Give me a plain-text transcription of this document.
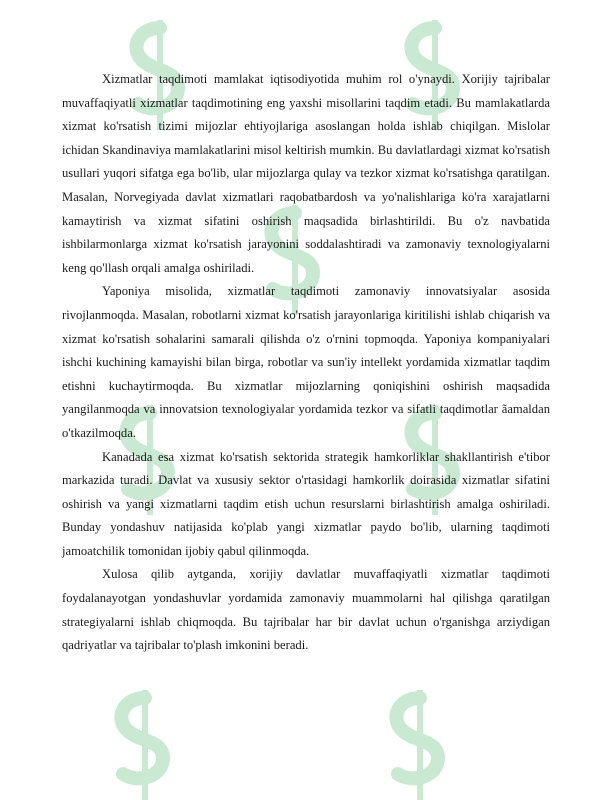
Xizmatlar taqdimoti mamlakat iqtisodiyotida muhim rol o'ynaydi. Xorijiy tajribalar muvaffaqiyatli xizmatlar taqdimotining eng yaxshi misollarini taqdim etadi. Bu mamlakatlarda xizmat ko'rsatish tizimi mijozlar ehtiyojlariga asoslangan holda ishlab chiqilgan. Mislolar ichidan Skandinaviya mamlakatlarini misol keltirish mumkin. Bu davlatlardagi xizmat ko'rsatish usullari yuqori sifatga ega bo'lib, ular mijozlarga qulay va tezkor xizmat ko'rsatishga qaratilgan. Masalan, Norvegiyada davlat xizmatlari raqobatbardosh va yo'nalishlariga ko'ra xarajatlarni kamaytirish va xizmat sifatini oshirish maqsadida birlashtirildi. Bu o'z navbatida ishbilarmonlarga xizmat ko'rsatish jarayonini soddalashtiradi va zamonaviy texnologiyalarni keng qo'llash orqali amalga oshiriladi.

Yaponiya misolida, xizmatlar taqdimoti zamonaviy innovatsiyalar asosida rivojlanmoqda. Masalan, robotlarni xizmat ko'rsatish jarayonlariga kiritilishi ishlab chiqarish va xizmat ko'rsatish sohalarini samarali qilishda o'z o'rnini topmoqda. Yaponiya kompaniyalari ishchi kuchining kamayishi bilan birga, robotlar va sun'iy intellekt yordamida xizmatlar taqdim etishni kuchaytirmoqda. Bu xizmatlar mijozlarning qoniqishini oshirish maqsadida yangilanmoqda va innovatsion texnologiyalar yordamida tezkor va sifatli taqdimotlar ãamaldan o'tkazilmoqda.

Kanadada esa xizmat ko'rsatish sektorida strategik hamkorliklar shakllantirish e'tibor markazida turadi. Davlat va xususiy sektor o'rtasidagi hamkorlik doirasida xizmatlar sifatini oshirish va yangi xizmatlarni taqdim etish uchun resurslarni birlashtirish amalga oshiriladi. Bunday yondashuv natijasida ko'plab yangi xizmatlar paydo bo'lib, ularning taqdimoti jamoatchilik tomonidan ijobiy qabul qilinmoqda.

Xulosa qilib aytganda, xorijiy davlatlar muvaffaqiyatli xizmatlar taqdimoti foydalanayotgan yondashuvlar yordamida zamonaviy muammolarni hal qilishga qaratilgan strategiyalarni ishlab chiqmoqda. Bu tajribalar har bir davlat uchun o'rganishga arziydigan qadriyatlar va tajribalar to'plash imkonini beradi.
